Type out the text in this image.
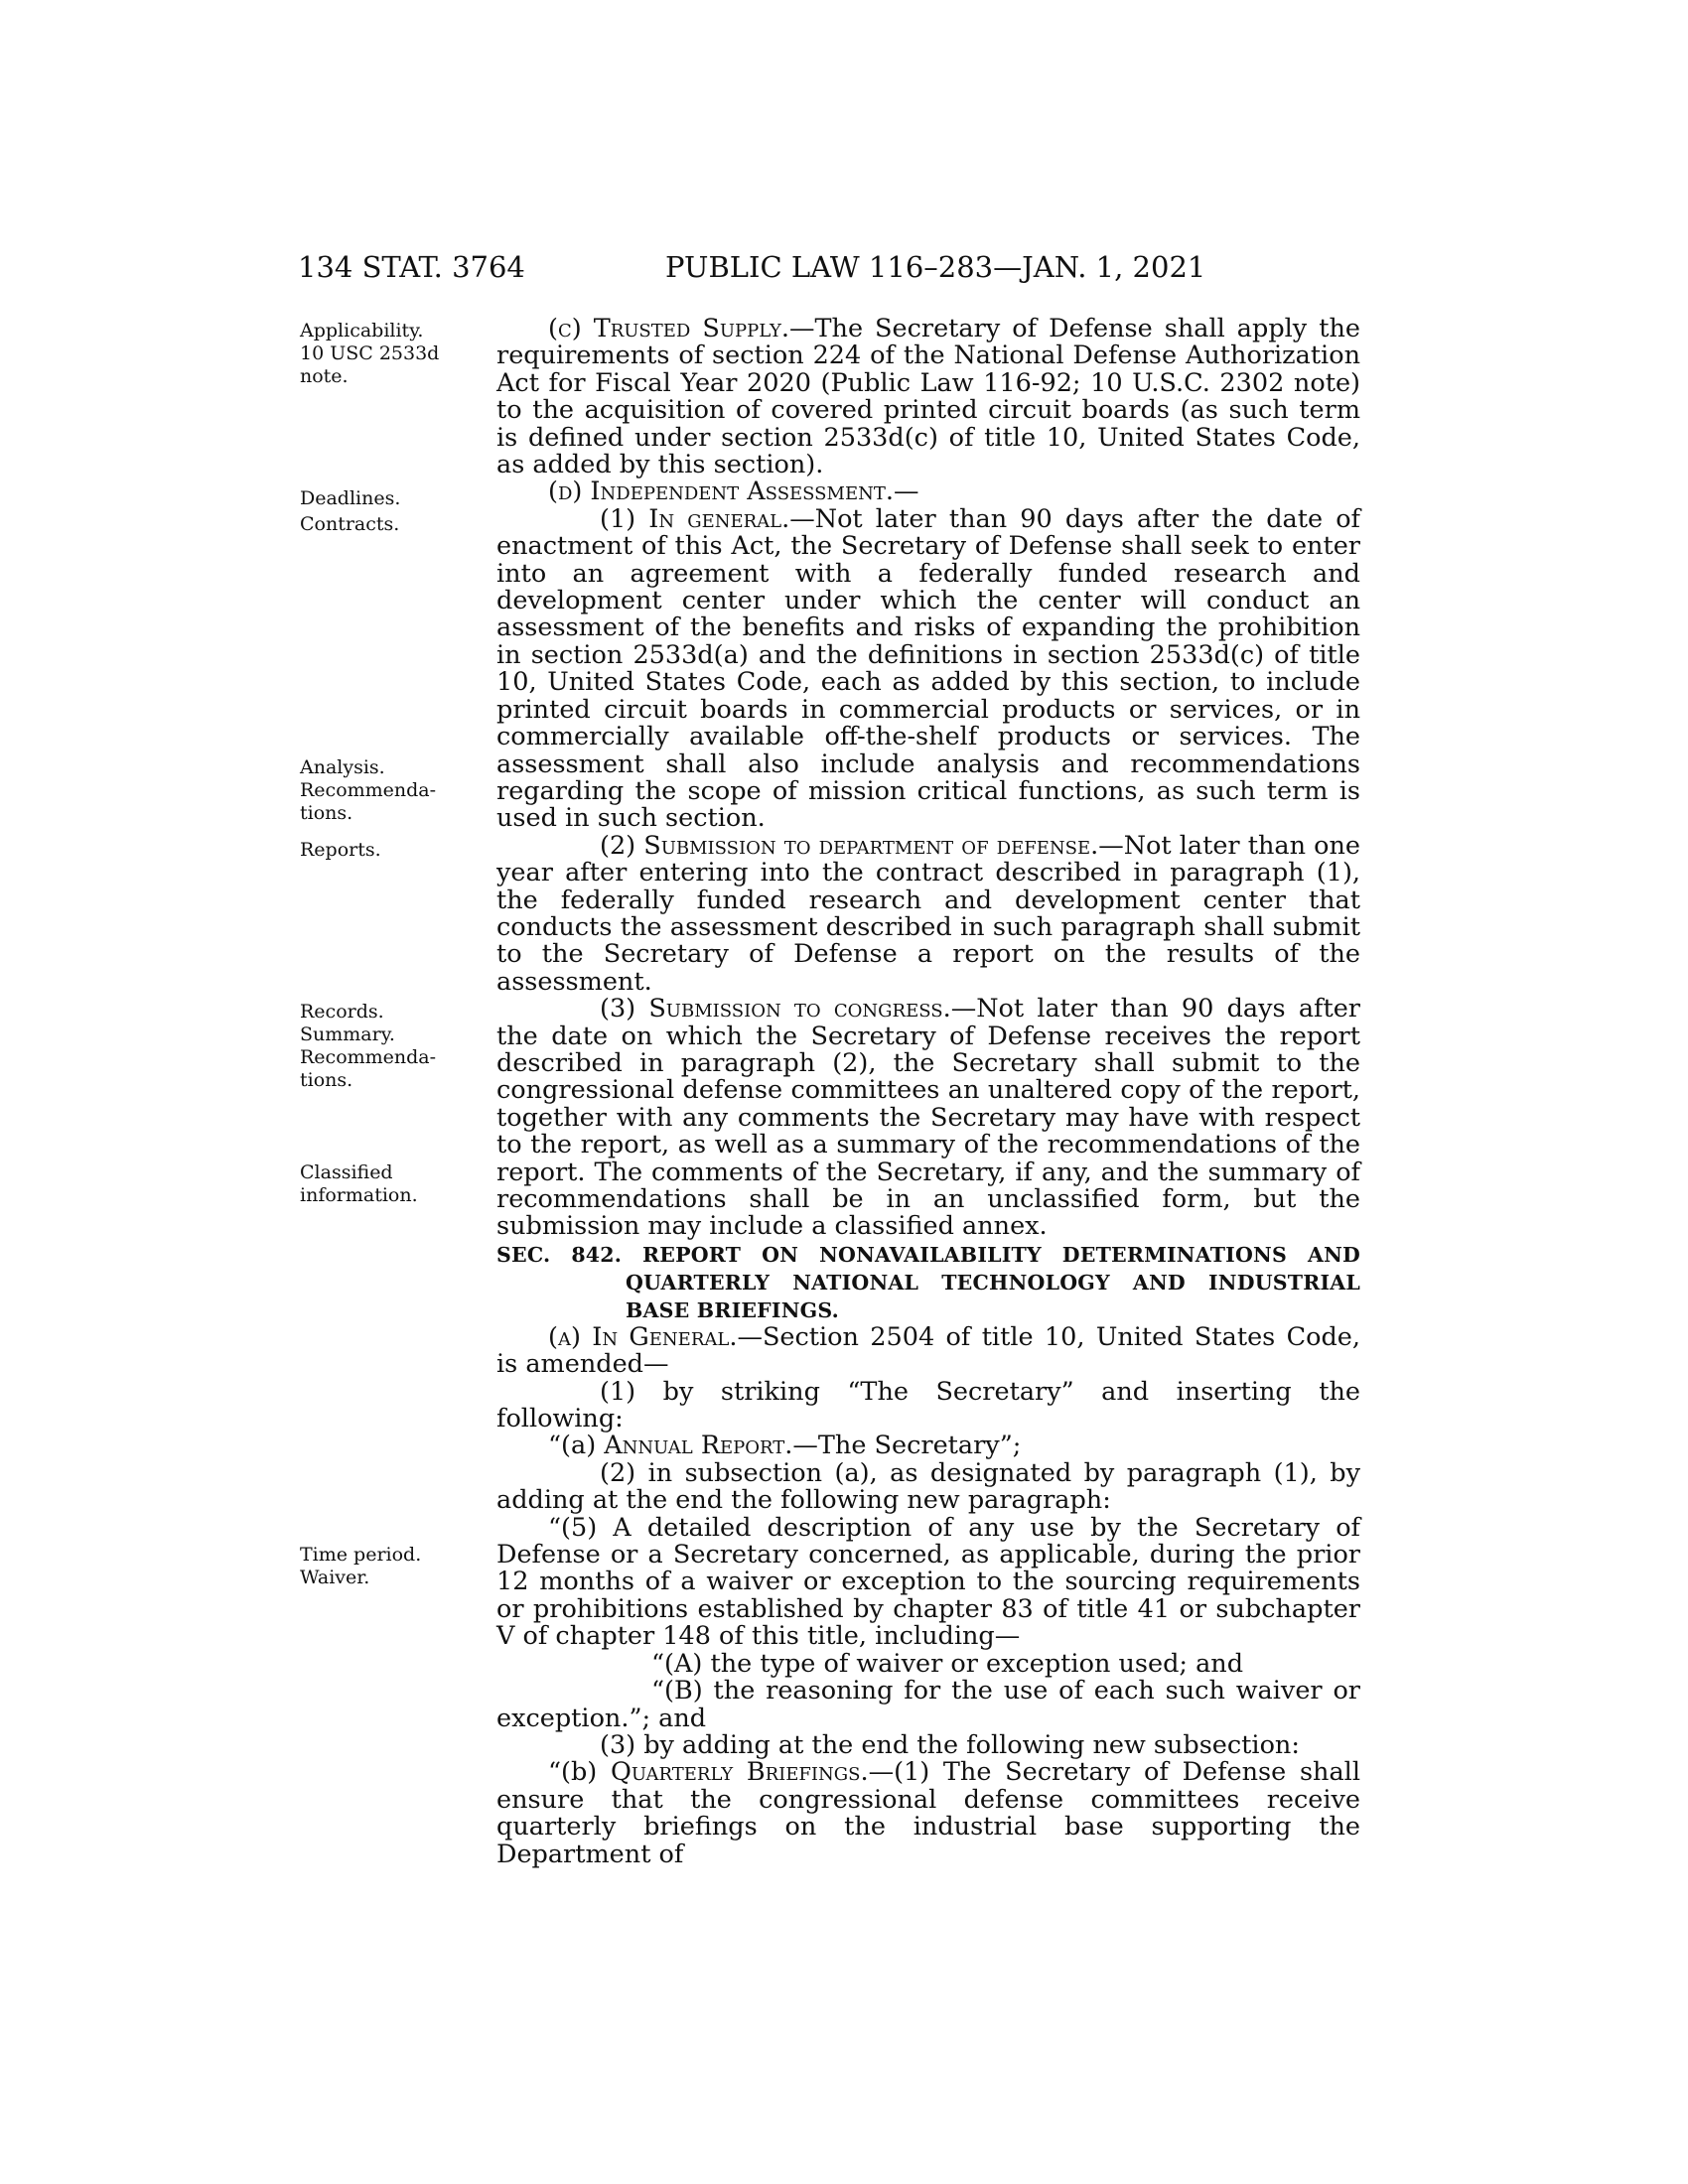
134 STAT. 3764	PUBLIC LAW 116–283—JAN. 1, 2021
Applicability.
10 USC 2533d
note.
Deadlines.
Contracts.
Analysis.
Recommenda-
tions.
Reports.
Records.
Summary.
Recommenda-
tions.
Classified
information.
Time period.
Waiver.

(c) Trusted Supply.—The Secretary of Defense shall apply the requirements of section 224 of the National Defense Authorization Act for Fiscal Year 2020 (Public Law 116-92; 10 U.S.C. 2302 note) to the acquisition of covered printed circuit boards (as such term is defined under section 2533d(c) of title 10, United States Code, as added by this section).

(d) Independent Assessment.—

(1) In general.—Not later than 90 days after the date of enactment of this Act, the Secretary of Defense shall seek to enter into an agreement with a federally funded research and development center under which the center will conduct an assessment of the benefits and risks of expanding the prohibition in section 2533d(a) and the definitions in section 2533d(c) of title 10, United States Code, each as added by this section, to include printed circuit boards in commercial products or services, or in commercially available off-the-shelf products or services. The assessment shall also include analysis and recommendations regarding the scope of mission critical functions, as such term is used in such section.

(2) Submission to department of defense.—Not later than one year after entering into the contract described in paragraph (1), the federally funded research and development center that conducts the assessment described in such paragraph shall submit to the Secretary of Defense a report on the results of the assessment.

(3) Submission to congress.—Not later than 90 days after the date on which the Secretary of Defense receives the report described in paragraph (2), the Secretary shall submit to the congressional defense committees an unaltered copy of the report, together with any comments the Secretary may have with respect to the report, as well as a summary of the recommendations of the report. The comments of the Secretary, if any, and the summary of recommendations shall be in an unclassified form, but the submission may include a classified annex.

SEC. 842. REPORT ON NONAVAILABILITY DETERMINATIONS AND QUARTERLY NATIONAL TECHNOLOGY AND INDUSTRIAL BASE BRIEFINGS.

(a) In General.—Section 2504 of title 10, United States Code, is amended—

(1) by striking “The Secretary” and inserting the following:

“(a) Annual Report.—The Secretary”;

(2) in subsection (a), as designated by paragraph (1), by adding at the end the following new paragraph:

“(5) A detailed description of any use by the Secretary of Defense or a Secretary concerned, as applicable, during the prior 12 months of a waiver or exception to the sourcing requirements or prohibitions established by chapter 83 of title 41 or subchapter V of chapter 148 of this title, including—

“(A) the type of waiver or exception used; and

“(B) the reasoning for the use of each such waiver or exception.”; and

(3) by adding at the end the following new subsection:

“(b) Quarterly Briefings.—(1) The Secretary of Defense shall ensure that the congressional defense committees receive quarterly briefings on the industrial base supporting the Department of
